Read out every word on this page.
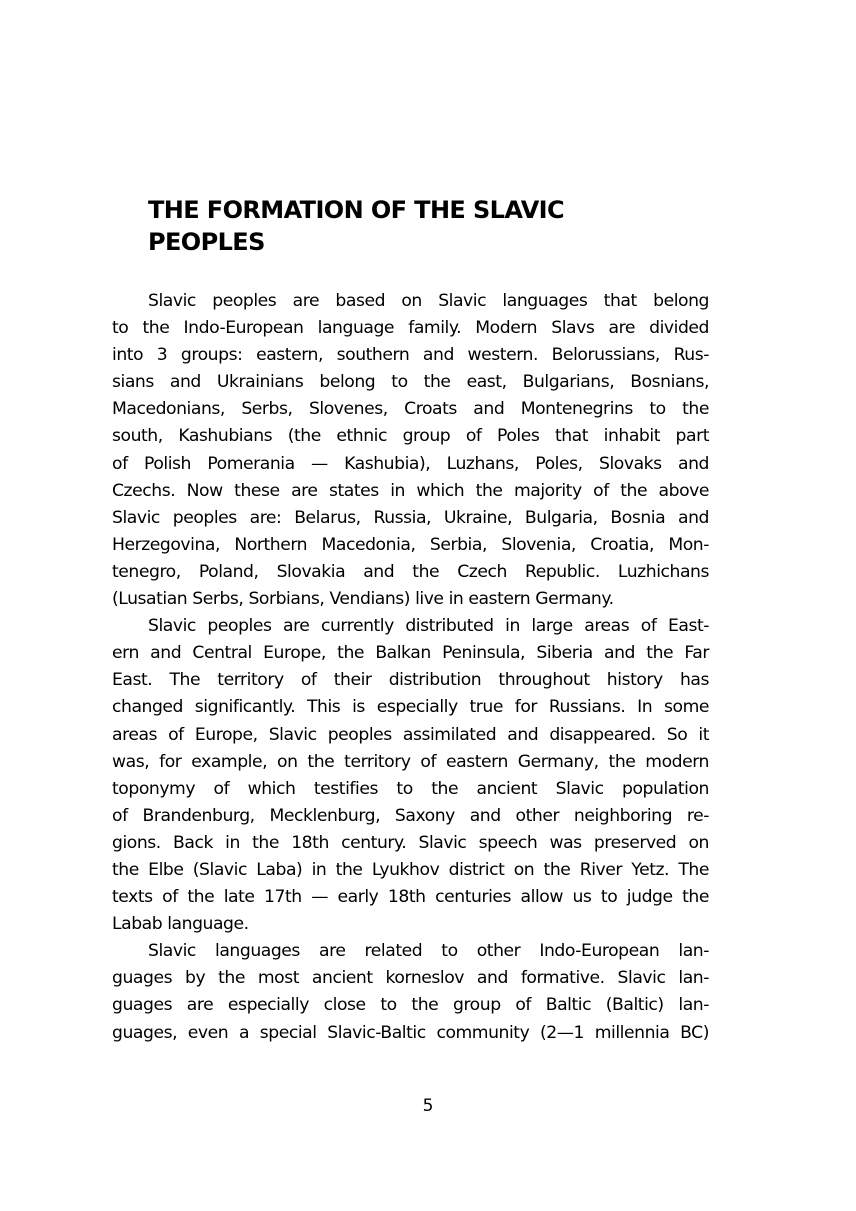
THE FORMATION OF THE SLAVIC
PEOPLES

Slavic peoples are based on Slavic languages that belong
to the Indo-European language family. Modern Slavs are divided
into 3 groups: eastern, southern and western. Belorussians, Rus-
sians and Ukrainians belong to the east, Bulgarians, Bosnians,
Macedonians, Serbs, Slovenes, Croats and Montenegrins to the
south, Kashubians (the ethnic group of Poles that inhabit part
of Polish Pomerania — Kashubia), Luzhans, Poles, Slovaks and
Czechs. Now these are states in which the majority of the above
Slavic peoples are: Belarus, Russia, Ukraine, Bulgaria, Bosnia and
Herzegovina, Northern Macedonia, Serbia, Slovenia, Croatia, Mon-
tenegro, Poland, Slovakia and the Czech Republic. Luzhichans
(Lusatian Serbs, Sorbians, Vendians) live in eastern Germany.

Slavic peoples are currently distributed in large areas of East-
ern and Central Europe, the Balkan Peninsula, Siberia and the Far
East. The territory of their distribution throughout history has
changed significantly. This is especially true for Russians. In some
areas of Europe, Slavic peoples assimilated and disappeared. So it
was, for example, on the territory of eastern Germany, the modern
toponymy of which testifies to the ancient Slavic population
of Brandenburg, Mecklenburg, Saxony and other neighboring re-
gions. Back in the 18th century. Slavic speech was preserved on
the Elbe (Slavic Laba) in the Lyukhov district on the River Yetz. The
texts of the late 17th — early 18th centuries allow us to judge the
Labab language.

Slavic languages are related to other Indo-European lan-
guages by the most ancient korneslov and formative. Slavic lan-
guages are especially close to the group of Baltic (Baltic) lan-
guages, even a special Slavic-Baltic community (2—1 millennia BC)

5
